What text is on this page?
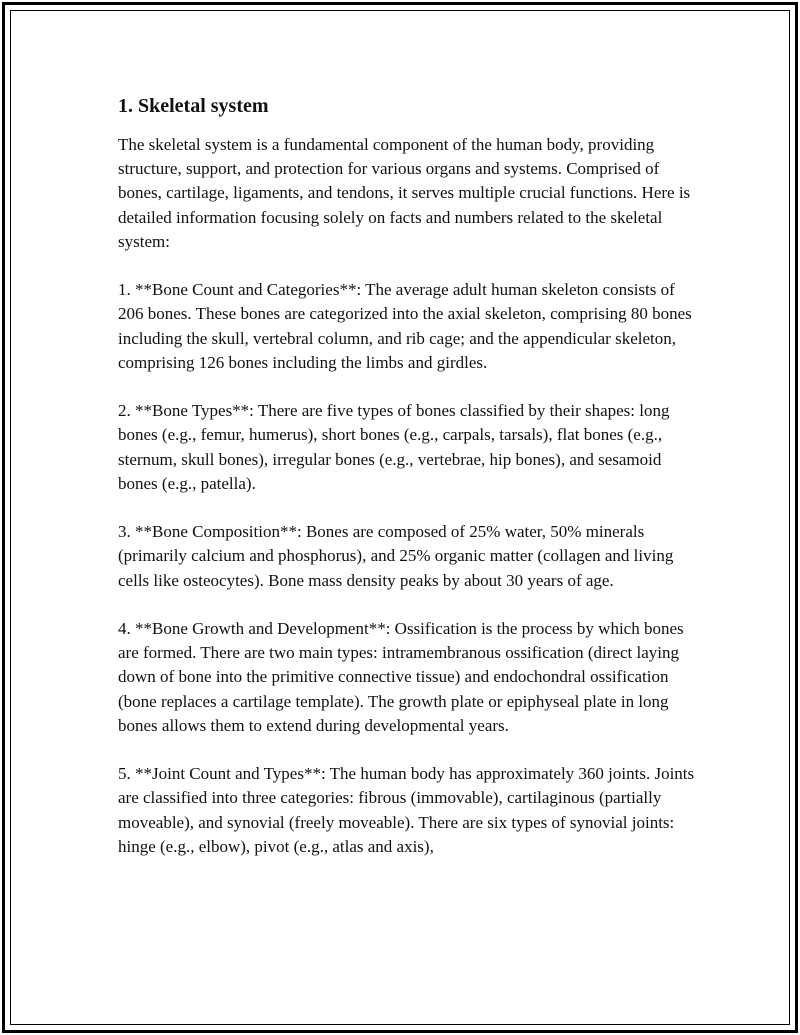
1. Skeletal system

The skeletal system is a fundamental component of the human body, providing structure, support, and protection for various organs and systems. Comprised of bones, cartilage, ligaments, and tendons, it serves multiple crucial functions. Here is detailed information focusing solely on facts and numbers related to the skeletal system:

1. **Bone Count and Categories**: The average adult human skeleton consists of 206 bones. These bones are categorized into the axial skeleton, comprising 80 bones including the skull, vertebral column, and rib cage; and the appendicular skeleton, comprising 126 bones including the limbs and girdles.

2. **Bone Types**: There are five types of bones classified by their shapes: long bones (e.g., femur, humerus), short bones (e.g., carpals, tarsals), flat bones (e.g., sternum, skull bones), irregular bones (e.g., vertebrae, hip bones), and sesamoid bones (e.g., patella).

3. **Bone Composition**: Bones are composed of 25% water, 50% minerals (primarily calcium and phosphorus), and 25% organic matter (collagen and living cells like osteocytes). Bone mass density peaks by about 30 years of age.

4. **Bone Growth and Development**: Ossification is the process by which bones are formed. There are two main types: intramembranous ossification (direct laying down of bone into the primitive connective tissue) and endochondral ossification (bone replaces a cartilage template). The growth plate or epiphyseal plate in long bones allows them to extend during developmental years.

5. **Joint Count and Types**: The human body has approximately 360 joints. Joints are classified into three categories: fibrous (immovable), cartilaginous (partially moveable), and synovial (freely moveable). There are six types of synovial joints: hinge (e.g., elbow), pivot (e.g., atlas and axis),
